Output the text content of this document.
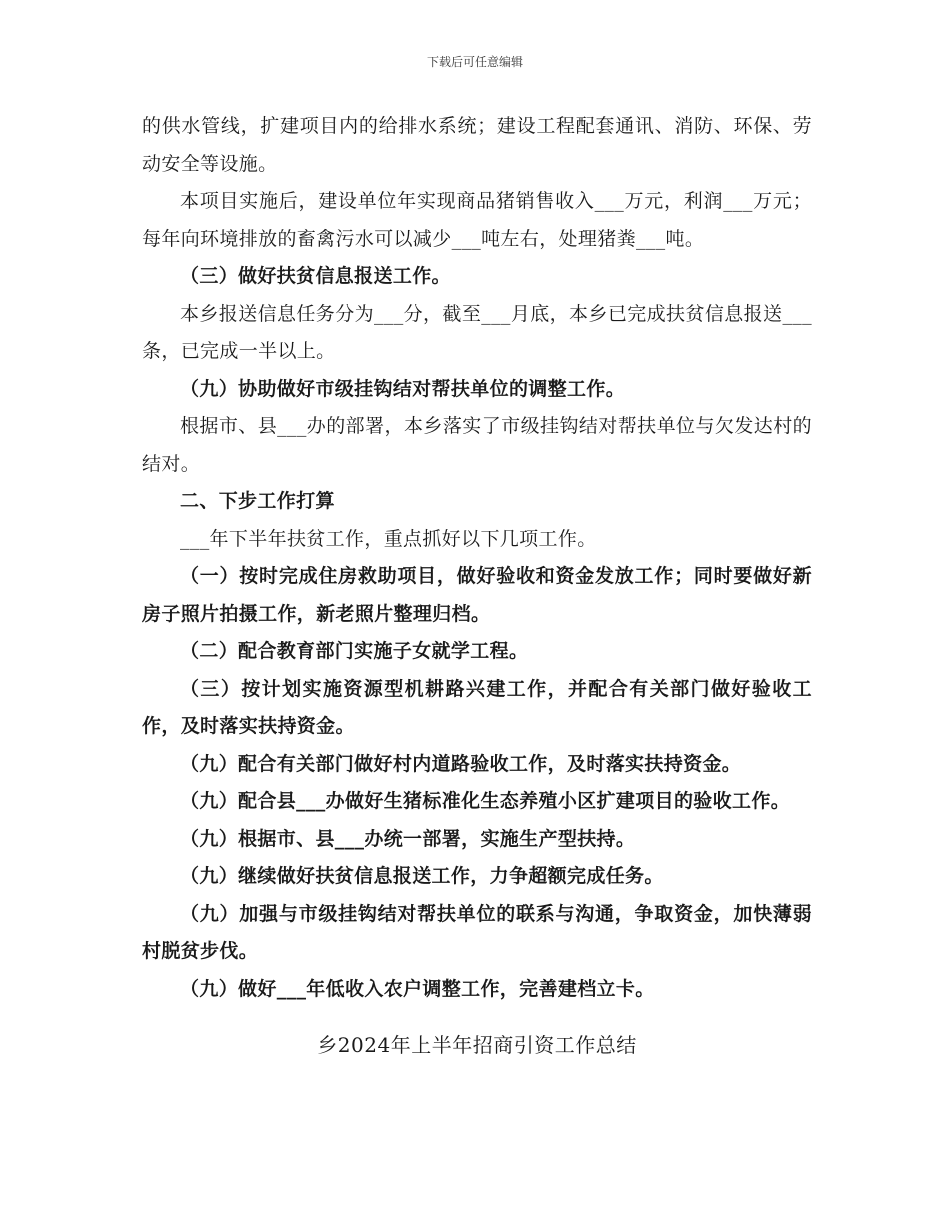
下载后可任意编辑

的供水管线，扩建项目内的给排水系统；建设工程配套通讯、消防、环保、劳动安全等设施。

本项目实施后，建设单位年实现商品猪销售收入___万元，利润___万元；每年向环境排放的畜禽污水可以减少___吨左右，处理猪粪___吨。

（三）做好扶贫信息报送工作。

本乡报送信息任务分为___分，截至___月底，本乡已完成扶贫信息报送___条，已完成一半以上。

（九）协助做好市级挂钩结对帮扶单位的调整工作。

根据市、县___办的部署，本乡落实了市级挂钩结对帮扶单位与欠发达村的结对。

二、下步工作打算

___年下半年扶贫工作，重点抓好以下几项工作。

（一）按时完成住房救助项目，做好验收和资金发放工作；同时要做好新房子照片拍摄工作，新老照片整理归档。

（二）配合教育部门实施子女就学工程。

（三）按计划实施资源型机耕路兴建工作，并配合有关部门做好验收工作，及时落实扶持资金。

（九）配合有关部门做好村内道路验收工作，及时落实扶持资金。

（九）配合县___办做好生猪标准化生态养殖小区扩建项目的验收工作。

（九）根据市、县___办统一部署，实施生产型扶持。

（九）继续做好扶贫信息报送工作，力争超额完成任务。

（九）加强与市级挂钩结对帮扶单位的联系与沟通，争取资金，加快薄弱村脱贫步伐。

（九）做好___年低收入农户调整工作，完善建档立卡。

乡2024年上半年招商引资工作总结
